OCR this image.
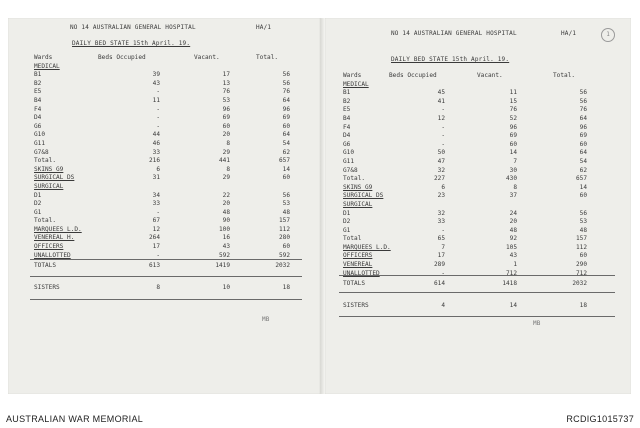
NO 14 AUSTRALIAN GENERAL HOSPITAL	HA/1
DAILY BED STATE 15th April. 19.
Wards	Beds Occupied	Vacant.	Total.
MEDICAL
B1	39	17	56
B2	43	13	56
E5	-	76	76
B4	11	53	64
F4	-	96	96
D4	-	69	69
G6	-	60	60
G10	44	20	64
G11	46	8	54
G7&8	33	29	62
Total.	216	441	657
SKINS G9	6	8	14
SURGICAL DS	31	29	60
SURGICAL
D1	34	22	56
D2	33	20	53
G1	-	48	48
Total.	67	90	157
MARQUEES L.D.	12	100	112
VENEREAL H.	264	16	280
OFFICERS	17	43	60
UNALLOTTED	-	592	592
TOTALS	613	1419	2032
SISTERS	8	10	18
MB
NO 14 AUSTRALIAN GENERAL HOSPITAL	HA/1	1
DAILY BED STATE 15th April. 19.
Wards	Beds Occupied	Vacant.	Total.
MEDICAL
B1	45	11	56
B2	41	15	56
E5	-	76	76
B4	12	52	64
F4	-	96	96
D4	-	69	69
G6	-	60	60
G10	50	14	64
G11	47	7	54
G7&8	32	30	62
Total.	227	430	657
SKINS G9	6	8	14
SURGICAL DS	23	37	60
SURGICAL
D1	32	24	56
D2	33	20	53
G1	-	48	48
Total	65	92	157
MARQUEES L.D.	7	105	112
OFFICERS	17	43	60
VENEREAL	289	1	290
UNALLOTTED	-	712	712
TOTALS	614	1418	2032
SISTERS	4	14	18
MB
AUSTRALIAN WAR MEMORIAL	RCDIG1015737
